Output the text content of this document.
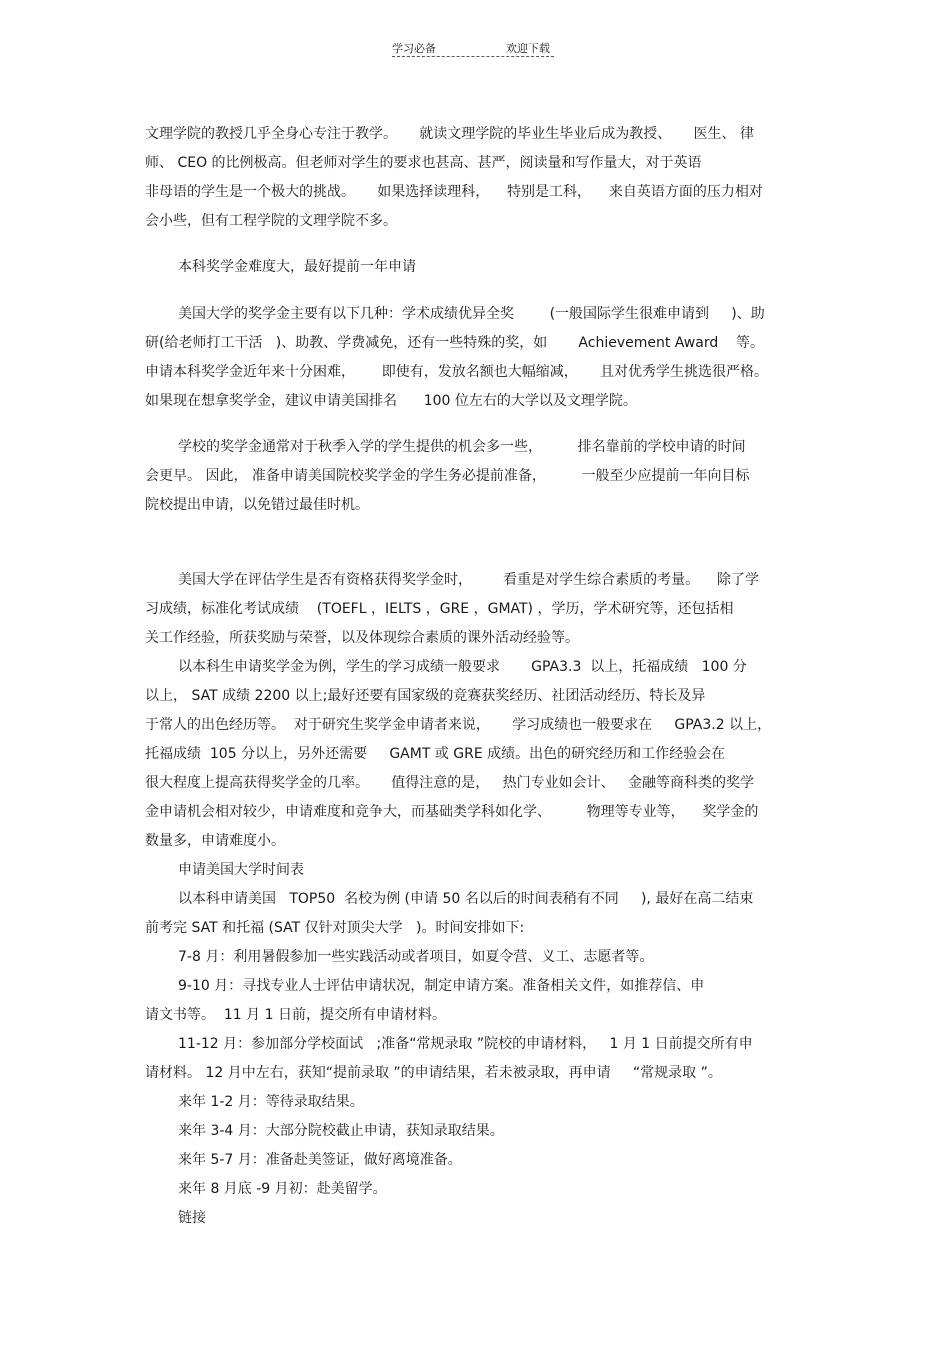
学习必备	欢迎下载
文理学院的教授几乎全身心专注于教学。     就读文理学院的毕业生毕业后成为教授、     医生、 律
师、 CEO 的比例极高。但老师对学生的要求也甚高、甚严，阅读量和写作量大，对于英语
非母语的学生是一个极大的挑战。     如果选择读理科，    特别是工科，    来自英语方面的压力相对
会小些，但有工程学院的文理学院不多。
本科奖学金难度大，最好提前一年申请
美国大学的奖学金主要有以下几种：学术成绩优异全奖        (一般国际学生很难申请到     )、助
研(给老师打工干活   )、助教、学费减免，还有一些特殊的奖，如       Achievement Award    等。
申请本科奖学金近年来十分困难，      即使有，发放名额也大幅缩减，     且对优秀学生挑选很严格。
如果现在想拿奖学金，建议申请美国排名      100 位左右的大学以及文理学院。
学校的奖学金通常对于秋季入学的学生提供的机会多一些，        排名靠前的学校申请的时间
会更早。 因此， 准备申请美国院校奖学金的学生务必提前准备，        一般至少应提前一年向目标
院校提出申请，以免错过最佳时机。
美国大学在评估学生是否有资格获得奖学金时，       看重是对学生综合素质的考量。    除了学
习成绩，标准化考试成绩    (TOEFL ，IELTS ，GRE ，GMAT) ，学历，学术研究等，还包括相
关工作经验，所获奖励与荣誉，以及体现综合素质的课外活动经验等。
以本科生申请奖学金为例，学生的学习成绩一般要求       GPA3.3  以上，托福成绩   100 分
以上， SAT 成绩 2200 以上;最好还要有国家级的竞赛获奖经历、社团活动经历、特长及异
于常人的出色经历等。  对于研究生奖学金申请者来说，     学习成绩也一般要求在     GPA3.2 以上，
托福成绩  105 分以上，另外还需要     GAMT 或 GRE 成绩。出色的研究经历和工作经验会在
很大程度上提高获得奖学金的几率。     值得注意的是，   热门专业如会计、   金融等商科类的奖学
金申请机会相对较少，申请难度和竞争大，而基础类学科如化学、        物理等专业等，    奖学金的
数量多，申请难度小。
申请美国大学时间表
以本科申请美国   TOP50  名校为例 (申请 50 名以后的时间表稍有不同     ), 最好在高二结束
前考完 SAT 和托福 (SAT 仅针对顶尖大学   )。时间安排如下:
7-8 月：利用暑假参加一些实践活动或者项目，如夏令营、义工、志愿者等。
9-10 月：寻找专业人士评估申请状况，制定申请方案。准备相关文件，如推荐信、申
请文书等。  11 月 1 日前，提交所有申请材料。
11-12 月：参加部分学校面试   ;准备“常规录取 ”院校的申请材料，   1 月 1 日前提交所有申
请材料。 12 月中左右，获知“提前录取 ”的申请结果，若未被录取，再申请     “常规录取 ”。
来年 1-2 月：等待录取结果。
来年 3-4 月：大部分院校截止申请，获知录取结果。
来年 5-7 月：准备赴美签证，做好离境准备。
来年 8 月底 -9 月初：赴美留学。
链接
